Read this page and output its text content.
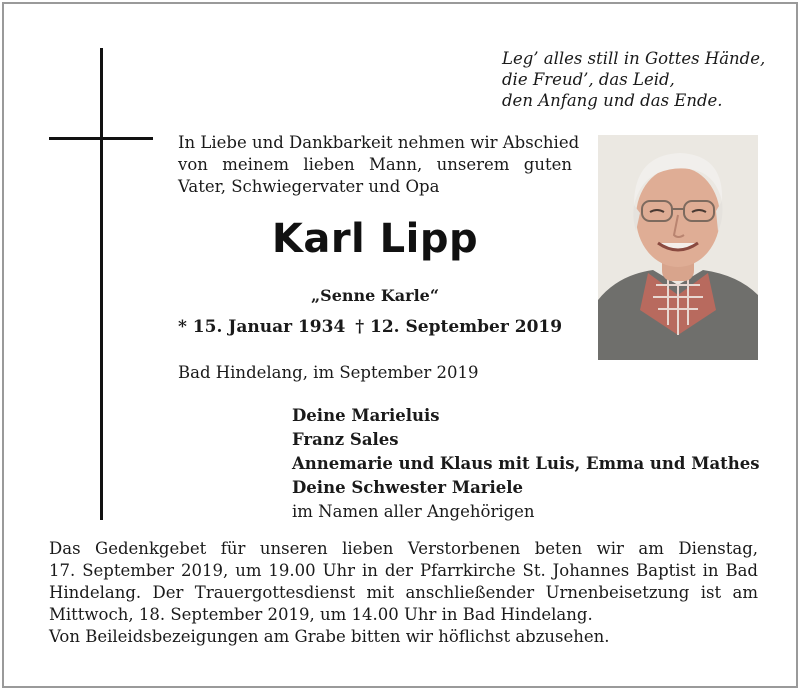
Leg’ alles still in Gottes Hände,
die Freud’, das Leid,
den Anfang und das Ende.
In Liebe und Dankbarkeit nehmen wir Abschied
von meinem lieben Mann, unserem guten
Vater, Schwiegervater und Opa
Karl Lipp
„Senne Karle“
* 15. Januar 1934 † 12. September 2019
Bad Hindelang, im September 2019
Deine Marieluis
Franz Sales
Annemarie und Klaus mit Luis, Emma und Mathes
Deine Schwester Mariele
im Namen aller Angehörigen
Das Gedenkgebet für unseren lieben Verstorbenen beten wir am Dienstag,
17. September 2019, um 19.00 Uhr in der Pfarrkirche St. Johannes Baptist in Bad
Hindelang. Der Trauergottesdienst mit anschließender Urnenbeisetzung ist am
Mittwoch, 18. September 2019, um 14.00 Uhr in Bad Hindelang.
Von Beileidsbezeigungen am Grabe bitten wir höflichst abzusehen.
